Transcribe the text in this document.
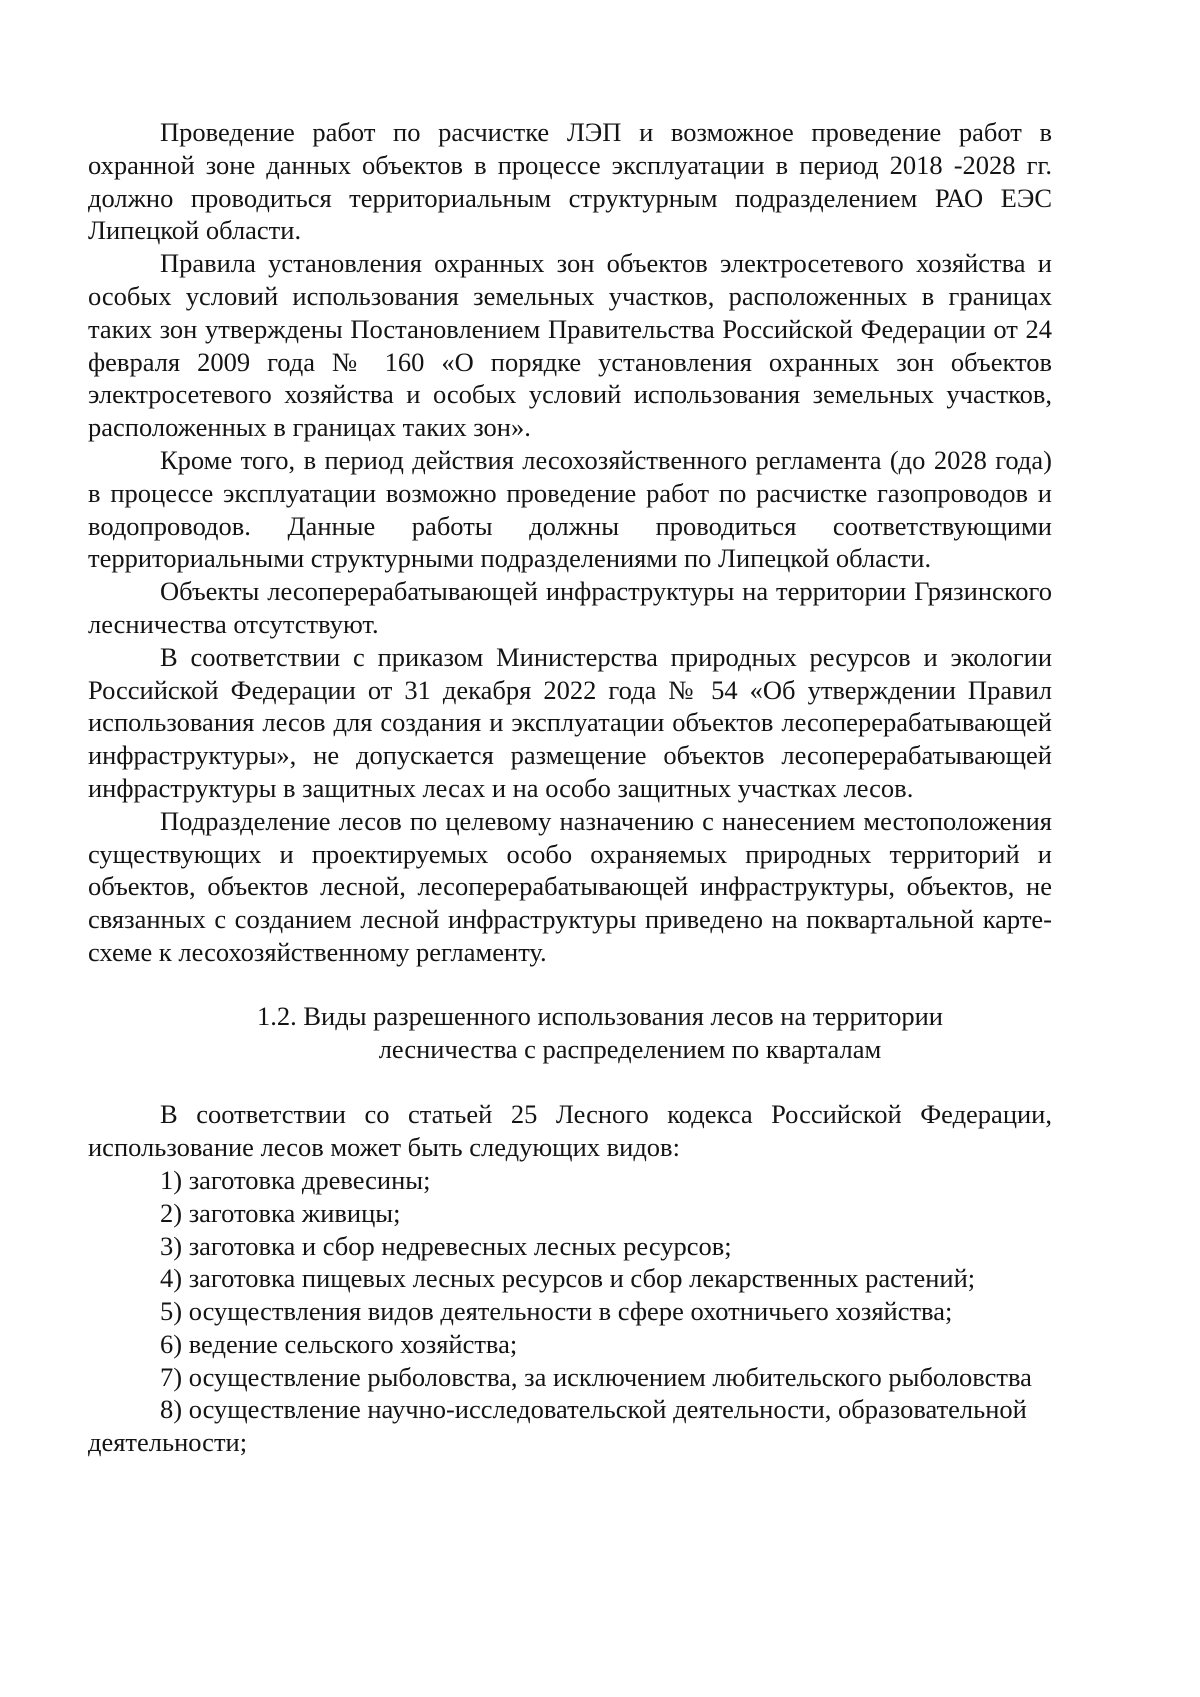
Проведение работ по расчистке ЛЭП и возможное проведение работ в охранной зоне данных объектов в процессе эксплуатации в период 2018 -2028 гг. должно проводиться территориальным структурным подразделением РАО ЕЭС Липецкой области.

Правила установления охранных зон объектов электросетевого хозяйства и особых условий использования земельных участков, расположенных в границах таких зон утверждены Постановлением Правительства Российской Федерации от 24 февраля 2009 года № 160 «О порядке установления охранных зон объектов электросетевого хозяйства и особых условий использования земельных участков, расположенных в границах таких зон».

Кроме того, в период действия лесохозяйственного регламента (до 2028 года) в процессе эксплуатации возможно проведение работ по расчистке газопроводов и водопроводов. Данные работы должны проводиться соответствующими территориальными структурными подразделениями по Липецкой области.

Объекты лесоперерабатывающей инфраструктуры на территории Грязинского лесничества отсутствуют.

В соответствии с приказом Министерства природных ресурсов и экологии Российской Федерации от 31 декабря 2022 года № 54 «Об утверждении Правил использования лесов для создания и эксплуатации объектов лесоперерабатывающей инфраструктуры», не допускается размещение объектов лесоперерабатывающей инфраструктуры в защитных лесах и на особо защитных участках лесов.

Подразделение лесов по целевому назначению с нанесением местоположения существующих и проектируемых особо охраняемых природных территорий и объектов, объектов лесной, лесоперерабатывающей инфраструктуры, объектов, не связанных с созданием лесной инфраструктуры приведено на поквартальной карте-схеме к лесохозяйственному регламенту.

1.2. Виды разрешенного использования лесов на территории
лесничества с распределением по кварталам

В соответствии со статьей 25 Лесного кодекса Российской Федерации, использование лесов может быть следующих видов:

1) заготовка древесины;

2) заготовка живицы;

3) заготовка и сбор недревесных лесных ресурсов;

4) заготовка пищевых лесных ресурсов и сбор лекарственных растений;

5) осуществления видов деятельности в сфере охотничьего хозяйства;

6) ведение сельского хозяйства;

7) осуществление рыболовства, за исключением любительского рыболовства

8) осуществление научно-исследовательской деятельности, образовательной деятельности;
